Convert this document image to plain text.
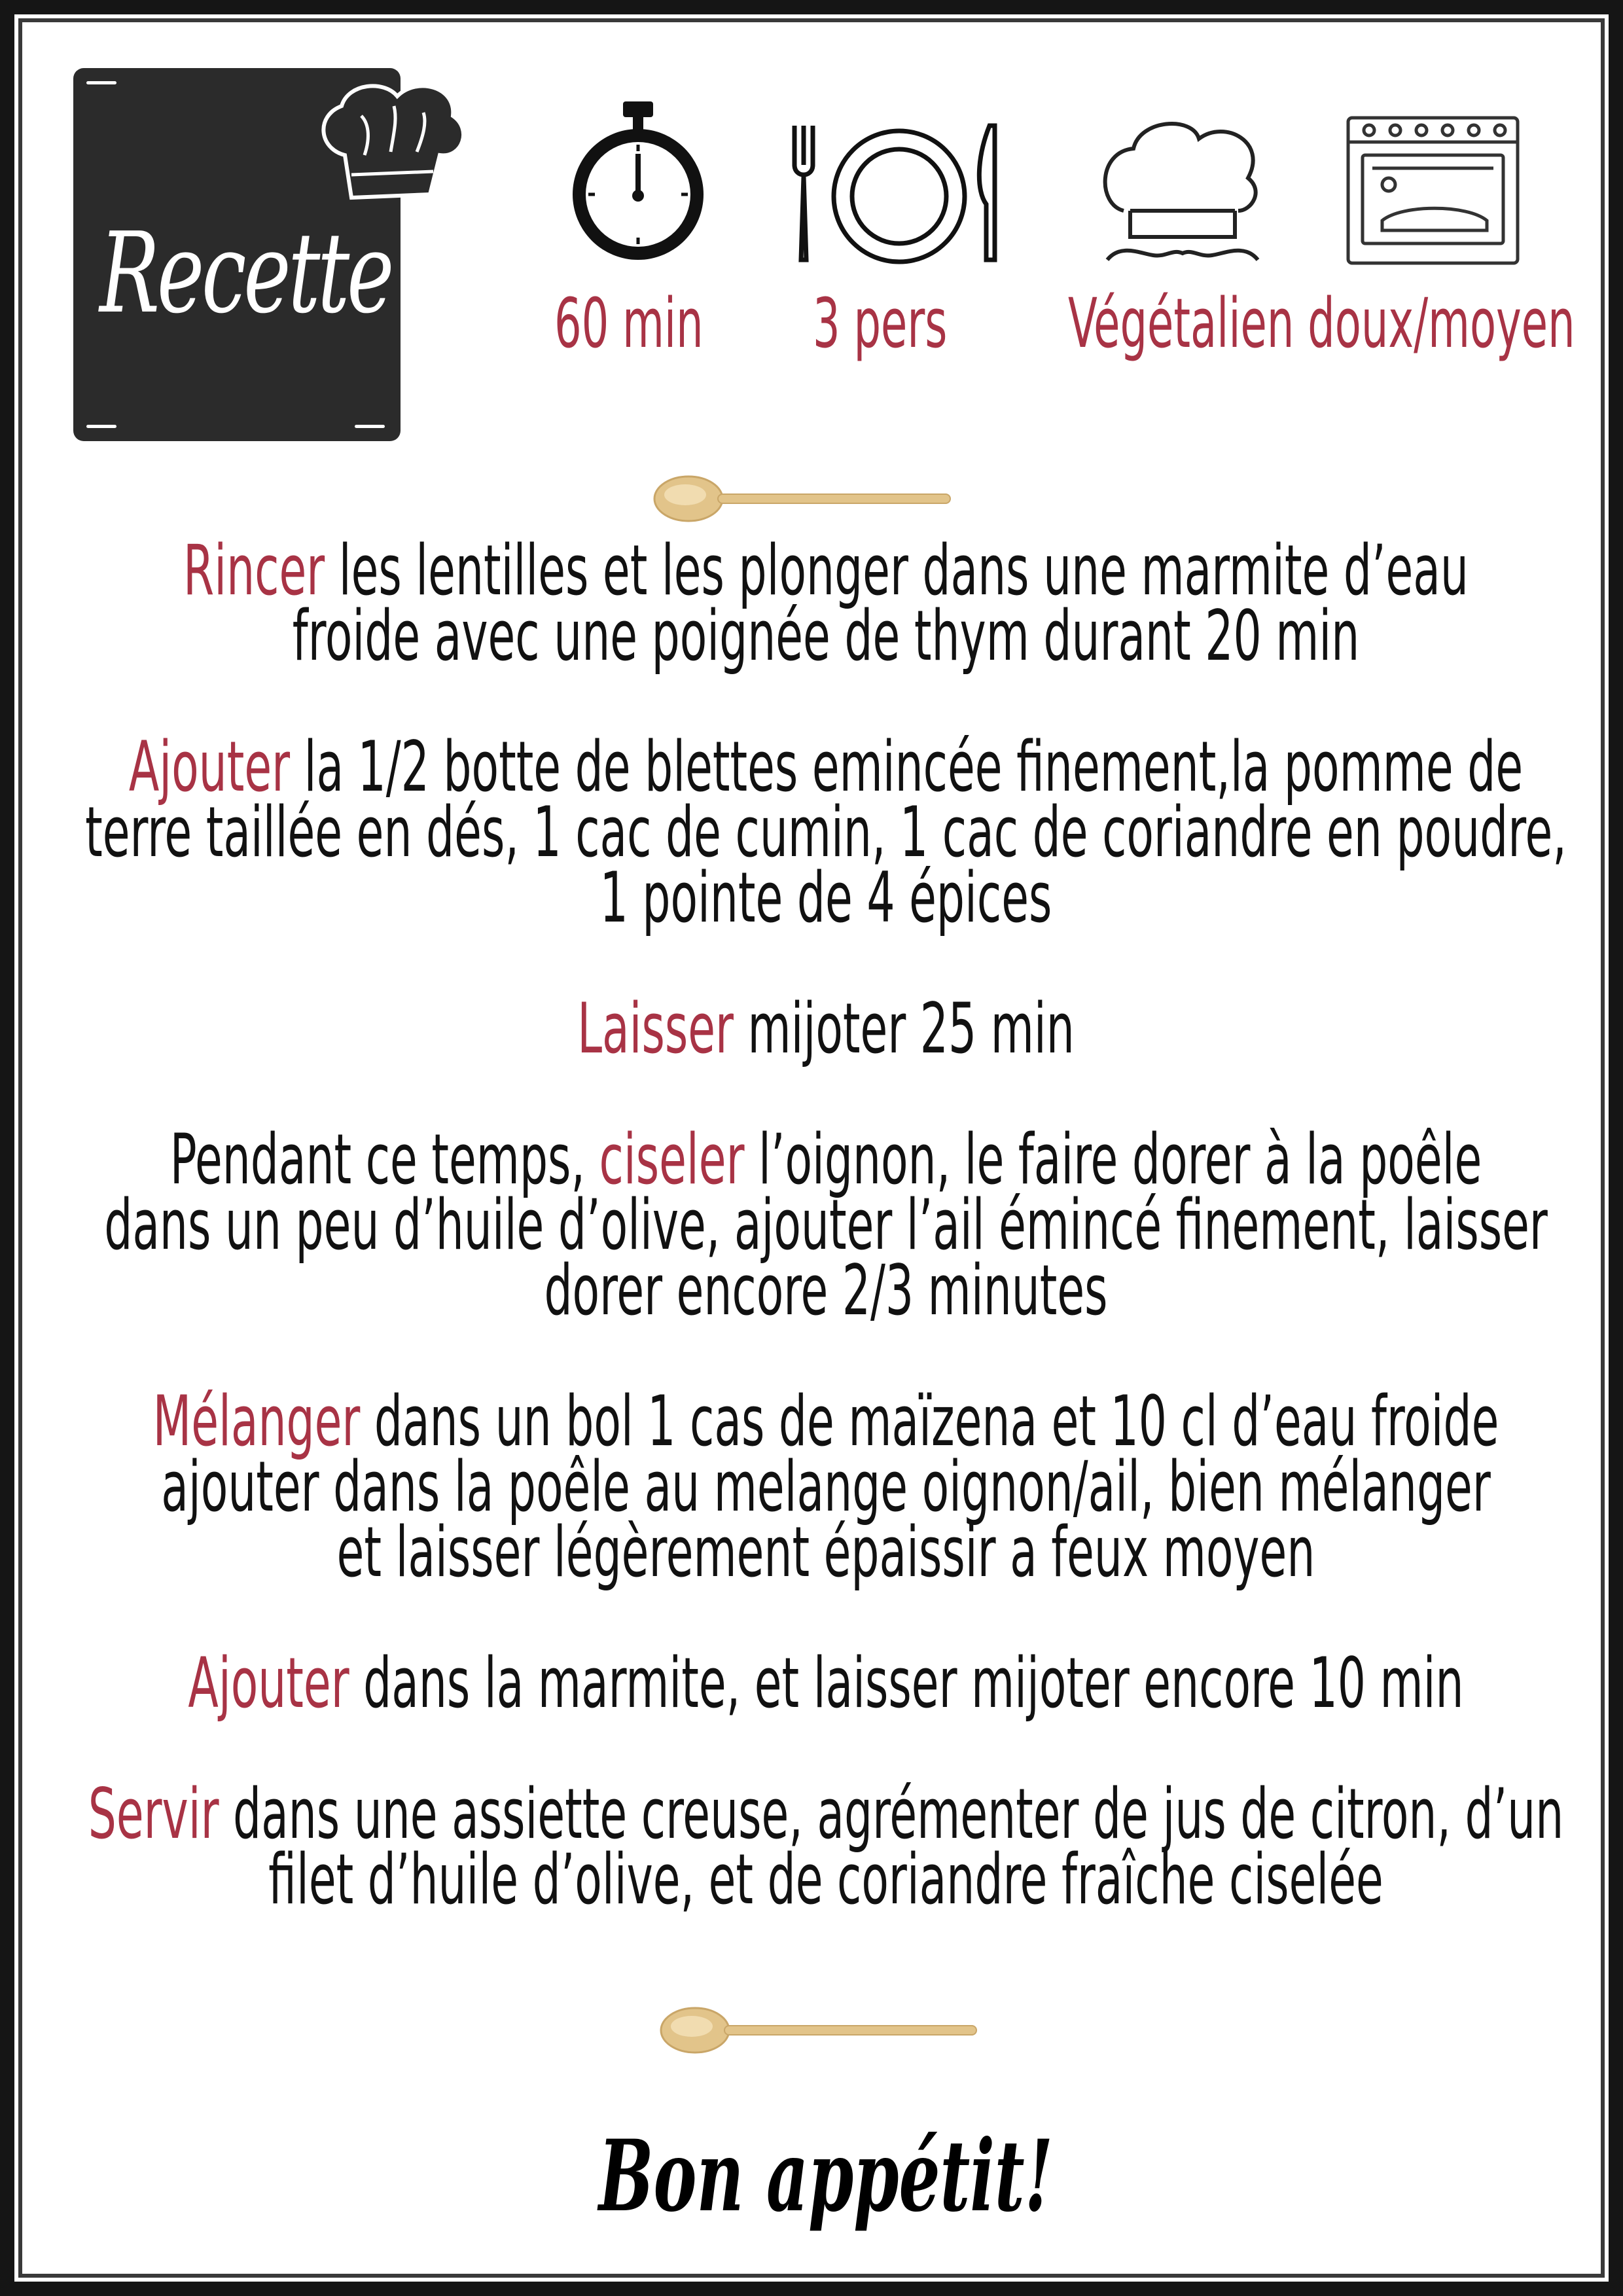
Recette 60 min 3 pers Végétalien doux/moyen
Rincer les lentilles et les plonger dans une marmite d’eau
froide avec une poignée de thym durant 20 min
Ajouter la 1/2 botte de blettes emincée finement,la pomme de
terre taillée en dés, 1 cac de cumin, 1 cac de coriandre en poudre,
1 pointe de 4 épices
Laisser mijoter 25 min
Pendant ce temps, ciseler l’oignon, le faire dorer à la poêle
dans un peu d’huile d’olive, ajouter l’ail émincé finement, laisser
dorer encore 2/3 minutes
Mélanger dans un bol 1 cas de maïzena et 10 cl d’eau froide
ajouter dans la poêle au melange oignon/ail, bien mélanger
et laisser légèrement épaissir a feux moyen
Ajouter dans la marmite, et laisser mijoter encore 10 min
Servir dans une assiette creuse, agrémenter de jus de citron, d’un
filet d’huile d’olive, et de coriandre fraîche ciselée
Bon appétit!
